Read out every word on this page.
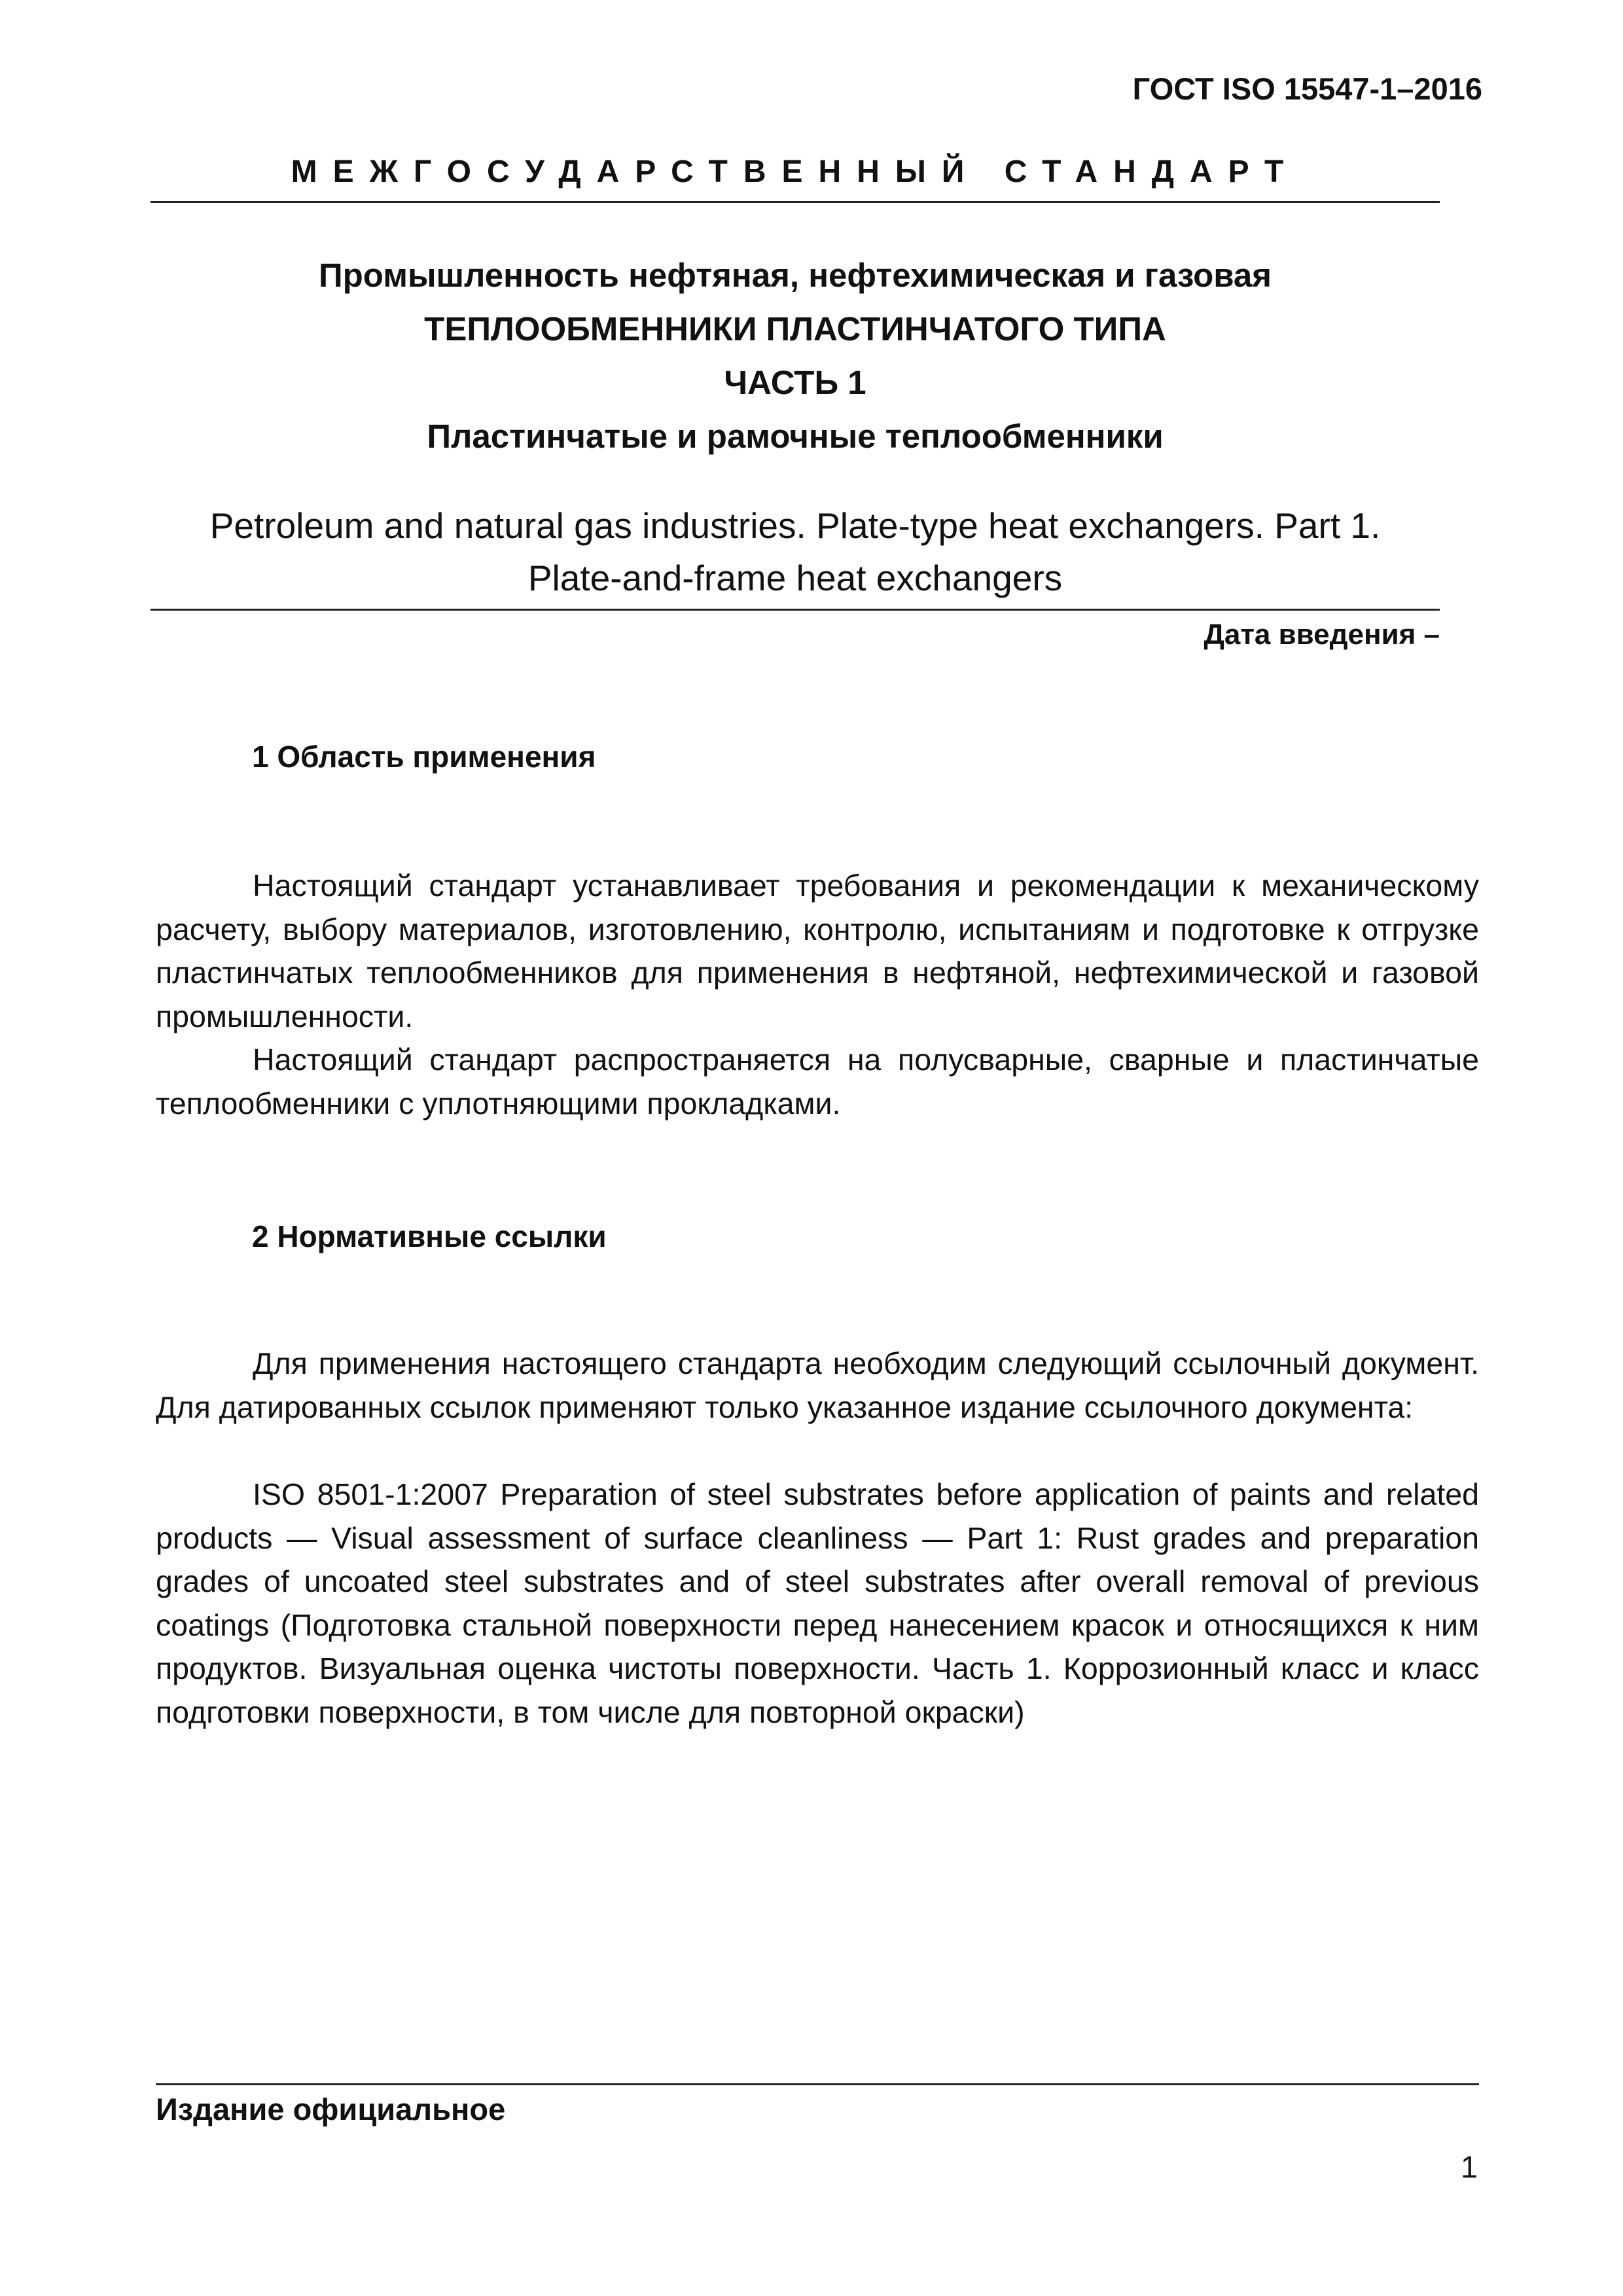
ГОСТ ISO 15547-1–2016
МЕЖГОСУДАРСТВЕННЫЙ СТАНДАРТ
Промышленность нефтяная, нефтехимическая и газовая
ТЕПЛООБМЕННИКИ ПЛАСТИНЧАТОГО ТИПА
ЧАСТЬ 1
Пластинчатые и рамочные теплообменники
Petroleum and natural gas industries. Plate-type heat exchangers. Part 1.
Plate-and-frame heat exchangers
Дата введения –
1 Область применения

Настоящий стандарт устанавливает требования и рекомендации к механическому расчету, выбору материалов, изготовлению, контролю, испытаниям и подготовке к отгрузке пластинчатых теплообменников для применения в нефтяной, нефтехимической и газовой промышленности.

Настоящий стандарт распространяется на полусварные, сварные и пластинчатые теплообменники с уплотняющими прокладками.

2 Нормативные ссылки

Для применения настоящего стандарта необходим следующий ссылочный документ. Для датированных ссылок применяют только указанное издание ссылочного документа:

ISO 8501-1:2007 Preparation of steel substrates before application of paints and related products — Visual assessment of surface cleanliness — Part 1: Rust grades and preparation grades of uncoated steel substrates and of steel substrates after overall removal of previous coatings (Подготовка стальной поверхности перед нанесением красок и относящихся к ним продуктов. Визуальная оценка чистоты поверхности. Часть 1. Коррозионный класс и класс подготовки поверхности, в том числе для повторной окраски)

Издание официальное
1
